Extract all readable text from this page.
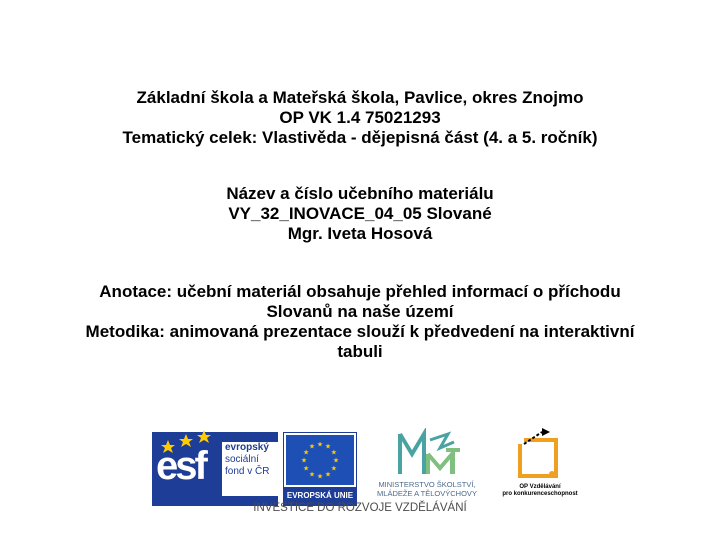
Základní škola a Mateřská škola, Pavlice, okres Znojmo
OP VK 1.4 75021293
Tematický celek: Vlastivěda - dějepisná část (4. a 5. ročník)
Název a číslo učebního materiálu
VY_32_INOVACE_04_05 Slované
Mgr. Iveta Hosová
Anotace: učební materiál obsahuje přehled informací o příchodu Slovanů na naše území
Metodika: animovaná prezentace slouží k předvedení na interaktivní tabuli
esf	evropský
sociální
fond v ČR
★ ★
★
★
★
★
★
★
★
★
★
★
EVROPSKÁ UNIE
MINISTERSTVO ŠKOLSTVÍ,
MLÁDEŽE A TĚLOVÝCHOVY
OP Vzdělávání
pro konkurenceschopnost
INVESTICE DO ROZVOJE VZDĚLÁVÁNÍ
